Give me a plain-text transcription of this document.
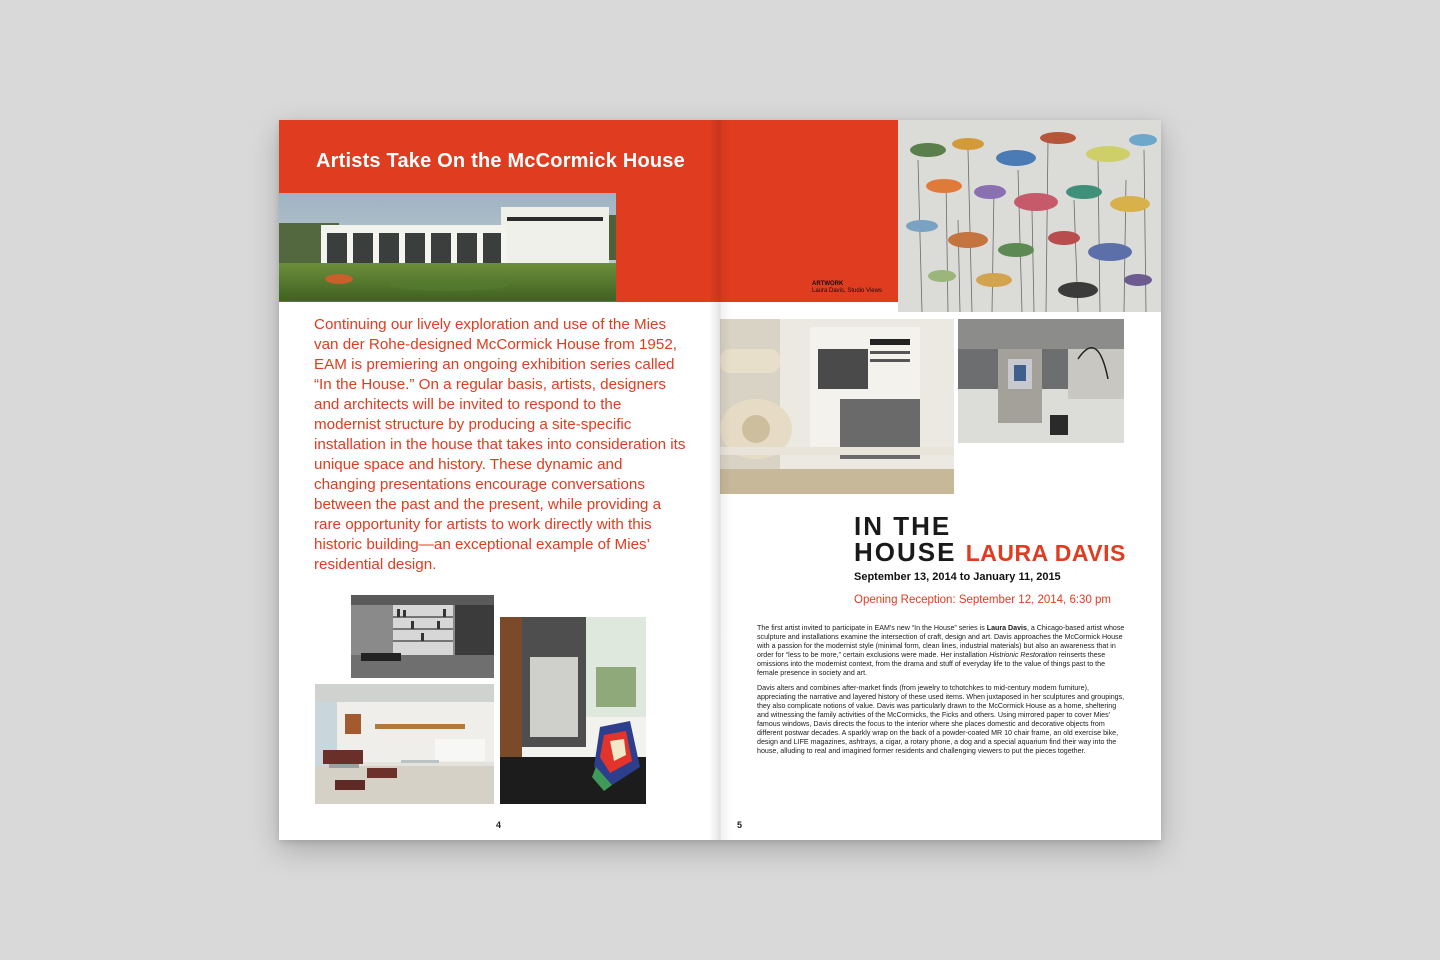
Artists Take On the McCormick House

Continuing our lively exploration and use of the Mies van der Rohe-designed McCormick House from 1952, EAM is premiering an ongoing exhibition series called “In the House.” On a regular basis, artists, designers and architects will be invited to respond to the modernist structure by producing a site-specific installation in the house that takes into consideration its unique space and history. These dynamic and changing presentations encourage conversations between the past and the present, while providing a rare opportunity for artists to work directly with this historic building—an exceptional example of Mies’ residential design.

4
ARTWORK
Laura Davis, Studio Views
IN THE
HOUSE LAURA DAVIS
September 13, 2014 to January 11, 2015
Opening Reception: September 12, 2014, 6:30 pm

The first artist invited to participate in EAM’s new “In the House” series is Laura Davis, a Chicago-based artist whose sculpture and installations examine the intersection of craft, design and art. Davis approaches the McCormick House with a passion for the modernist style (minimal form, clean lines, industrial materials) but also an awareness that in order for “less to be more,” certain exclusions were made. Her installation Histrionic Restoration reinserts these omissions into the modernist context, from the drama and stuff of everyday life to the value of things past to the female presence in society and art.

Davis alters and combines after-market finds (from jewelry to tchotchkes to mid-century modern furniture), appreciating the narrative and layered history of these used items. When juxtaposed in her sculptures and groupings, they also complicate notions of value. Davis was particularly drawn to the McCormick House as a home, sheltering and witnessing the family activities of the McCormicks, the Ficks and others. Using mirrored paper to cover Mies’ famous windows, Davis directs the focus to the interior where she places domestic and decorative objects from different postwar decades. A sparkly wrap on the back of a powder-coated MR 10 chair frame, an old exercise bike, design and LIFE magazines, ashtrays, a cigar, a rotary phone, a dog and a special aquarium find their way into the house, alluding to real and imagined former residents and challenging viewers to put the pieces together.

5
